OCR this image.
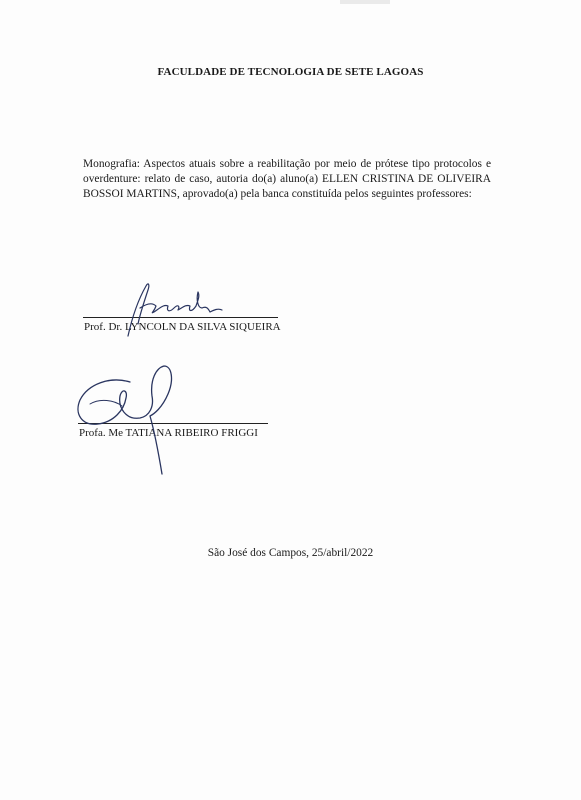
FACULDADE DE TECNOLOGIA DE SETE LAGOAS
Monografia: Aspectos atuais sobre a reabilitação por meio de prótese tipo protocolos e overdenture: relato de caso, autoria do(a) aluno(a) ELLEN CRISTINA DE OLIVEIRA BOSSOI MARTINS, aprovado(a) pela banca constituída pelos seguintes professores:
Prof. Dr. LYNCOLN DA SILVA SIQUEIRA
Profa. Me TATIANA RIBEIRO FRIGGI
São José dos Campos, 25/abril/2022
